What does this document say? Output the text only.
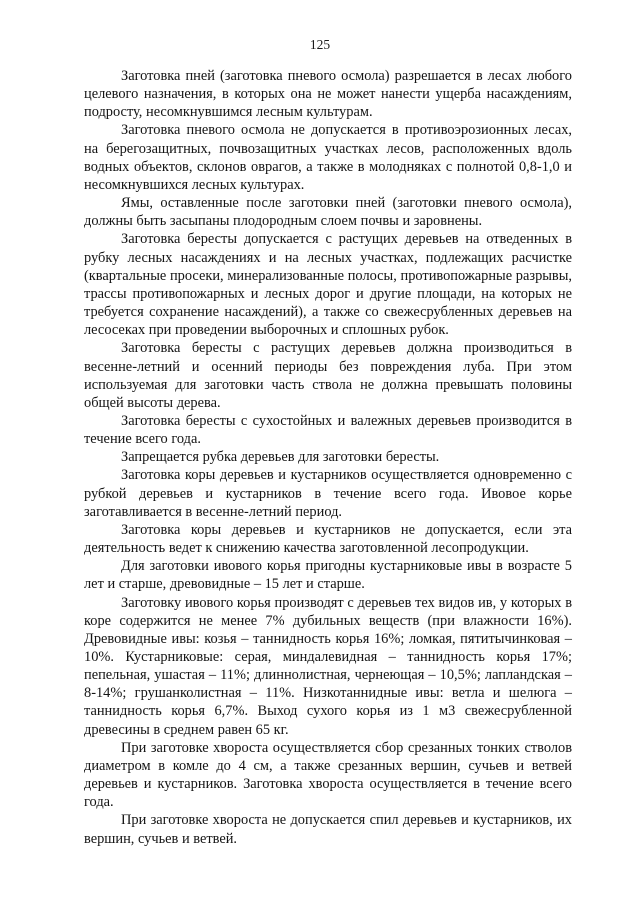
125

Заготовка пней (заготовка пневого осмола) разрешается в лесах любого целевого назначения, в которых она не может нанести ущерба насаждениям, подросту, несомкнувшимся лесным культурам.

Заготовка пневого осмола не допускается в противоэрозионных лесах, на берегозащитных, почвозащитных участках лесов, расположенных вдоль водных объектов, склонов оврагов, а также в молодняках с полнотой 0,8-1,0 и несомкнувшихся лесных культурах.

Ямы, оставленные после заготовки пней (заготовки пневого осмола), должны быть засыпаны плодородным слоем почвы и заровнены.

Заготовка бересты допускается с растущих деревьев на отведенных в рубку лесных насаждениях и на лесных участках, подлежащих расчистке (квартальные просеки, минерализованные полосы, противопожарные разрывы, трассы противопожарных и лесных дорог и другие площади, на которых не требуется сохранение насаждений), а также со свежесрубленных деревьев на лесосеках при проведении выборочных и сплошных рубок.

Заготовка бересты с растущих деревьев должна производиться в весенне-летний и осенний периоды без повреждения луба. При этом используемая для заготовки часть ствола не должна превышать половины общей высоты дерева.

Заготовка бересты с сухостойных и валежных деревьев производится в течение всего года.

Запрещается рубка деревьев для заготовки бересты.

Заготовка коры деревьев и кустарников осуществляется одновременно с рубкой деревьев и кустарников в течение всего года. Ивовое корье заготавливается в весенне-летний период.

Заготовка коры деревьев и кустарников не допускается, если эта деятельность ведет к снижению качества заготовленной лесопродукции.

Для заготовки ивового корья пригодны кустарниковые ивы в возрасте 5 лет и старше, древовидные – 15 лет и старше.

Заготовку ивового корья производят с деревьев тех видов ив, у которых в коре содержится не менее 7% дубильных веществ (при влажности 16%). Древовидные ивы: козья – таннидность корья 16%; ломкая, пятитычинковая – 10%. Кустарниковые: серая, миндалевидная – таннидность корья 17%; пепельная, ушастая – 11%; длиннолистная, чернеющая – 10,5%; лапландская – 8-14%; грушанколистная – 11%. Низкотаннидные ивы: ветла и шелюга – таннидность корья 6,7%. Выход сухого корья из 1 м3 свежесрубленной древесины в среднем равен 65 кг.

При заготовке хвороста осуществляется сбор срезанных тонких стволов диаметром в комле до 4 см, а также срезанных вершин, сучьев и ветвей деревьев и кустарников. Заготовка хвороста осуществляется в течение всего года.

При заготовке хвороста не допускается спил деревьев и кустарников, их вершин, сучьев и ветвей.
